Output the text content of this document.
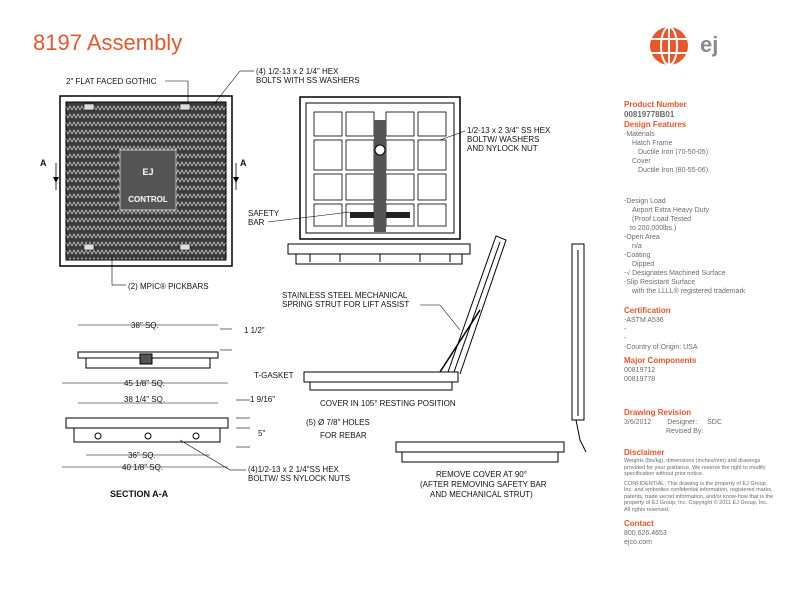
8197 Assembly	ej
EJ
CONTROL
A	A
2" FLAT FACED GOTHIC
(4) 1/2-13 x 2 1/4" HEX
BOLTS WITH SS WASHERS
(2) MPIC® PICKBARS
1/2-13 x 2 3/4" SS HEX
BOLTW/ WASHERS
AND NYLOCK NUT
SAFETY
BAR
38" SQ.
1 1/2"
T-GASKET
45 1/8" SQ.
38 1/4" SQ.	1 9/16"
5"
36" SQ.
40 1/8" SQ.	(4)1/2-13 x 2 1/4"SS HEX
BOLTW/ SS NYLOCK NUTS
SECTION A-A
STAINLESS STEEL MECHANICAL
SPRING STRUT FOR LIFT ASSIST
COVER IN 105° RESTING POSITION
(5) Ø 7/8" HOLES
FOR REBAR
REMOVE COVER AT 90°
(AFTER REMOVING SAFETY BAR
AND MECHANICAL STRUT)
Product Number
00819778B01
Design Features
-Materials
Hatch Frame
Ductile Iron (70-50-05)
Cover
Ductile Iron (80-55-06)
-Design Load
Airport Extra Heavy Duty
(Proof Load Tested
to 200,000lbs.)
-Open Area
n/a
-Coating
Dipped
-√ Designates Machined Surface
-Slip Resistant Surface
with the LLLL® registered trademark
Certification
-ASTM A536
-
-
-Country of Origin: USA
Major Components
00819712
00819778
Drawing Revision
3/6/2012 Designer: SDC
Revised By:
Disclaimer
Weights (lbs/kg), dimensions (inches/mm) and drawings provided for your guidance. We reserve the right to modify specification without prior notice.
CONFIDENTIAL: This drawing is the property of EJ Group, Inc. and embodies confidential information, registered marks, patents, trade secret information, and/or know-how that is the property of EJ Group, Inc. Copyright © 2011 EJ Group, Inc. All rights reserved.
Contact
800.626.4653
ejco.com
